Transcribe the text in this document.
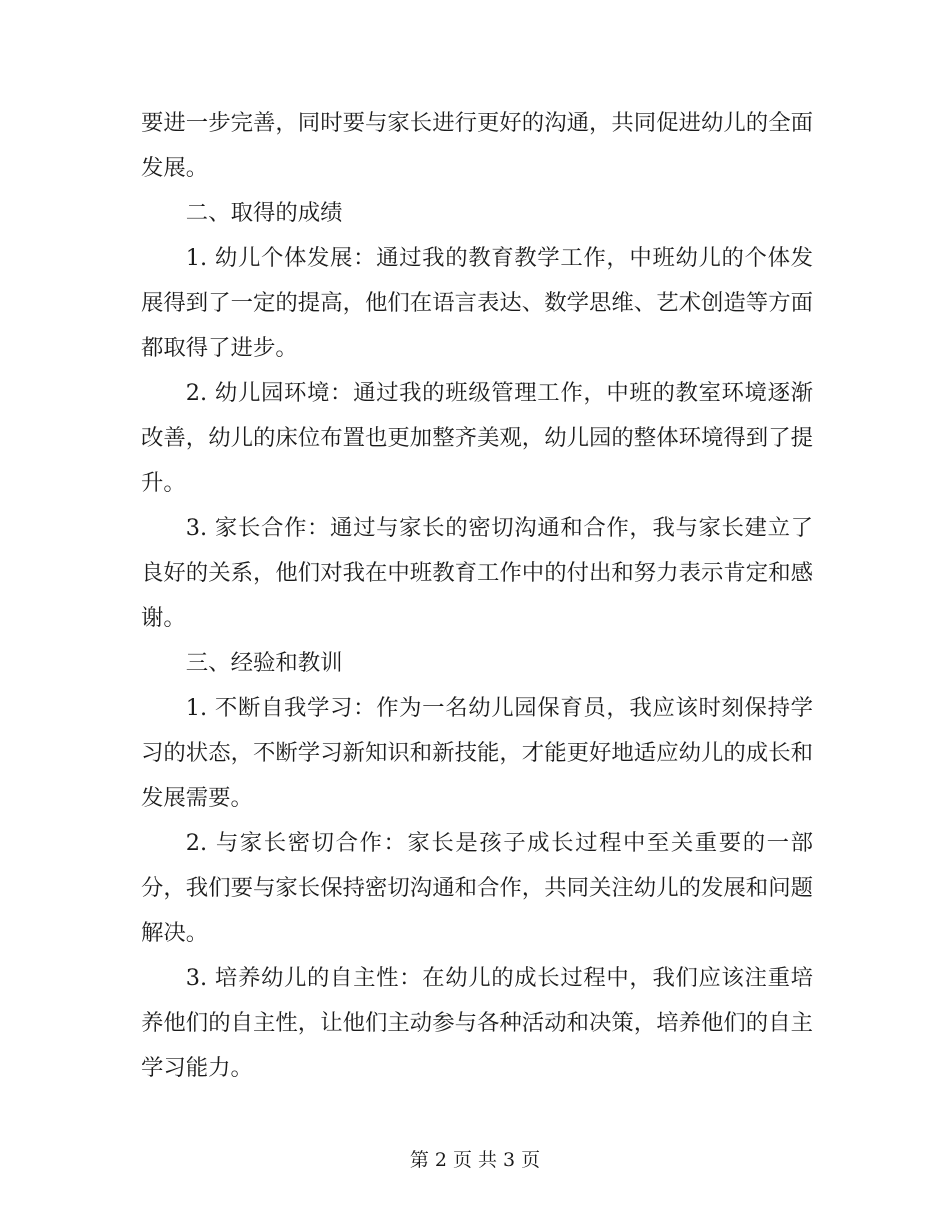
要进一步完善，同时要与家长进行更好的沟通，共同促进幼儿的全面发展。

二、取得的成绩

1. 幼儿个体发展：通过我的教育教学工作，中班幼儿的个体发展得到了一定的提高，他们在语言表达、数学思维、艺术创造等方面都取得了进步。

2. 幼儿园环境：通过我的班级管理工作，中班的教室环境逐渐改善，幼儿的床位布置也更加整齐美观，幼儿园的整体环境得到了提升。

3. 家长合作：通过与家长的密切沟通和合作，我与家长建立了良好的关系，他们对我在中班教育工作中的付出和努力表示肯定和感谢。

三、经验和教训

1. 不断自我学习：作为一名幼儿园保育员，我应该时刻保持学习的状态，不断学习新知识和新技能，才能更好地适应幼儿的成长和发展需要。

2. 与家长密切合作：家长是孩子成长过程中至关重要的一部分，我们要与家长保持密切沟通和合作，共同关注幼儿的发展和问题解决。

3. 培养幼儿的自主性：在幼儿的成长过程中，我们应该注重培养他们的自主性，让他们主动参与各种活动和决策，培养他们的自主学习能力。

第 2 页 共 3 页
